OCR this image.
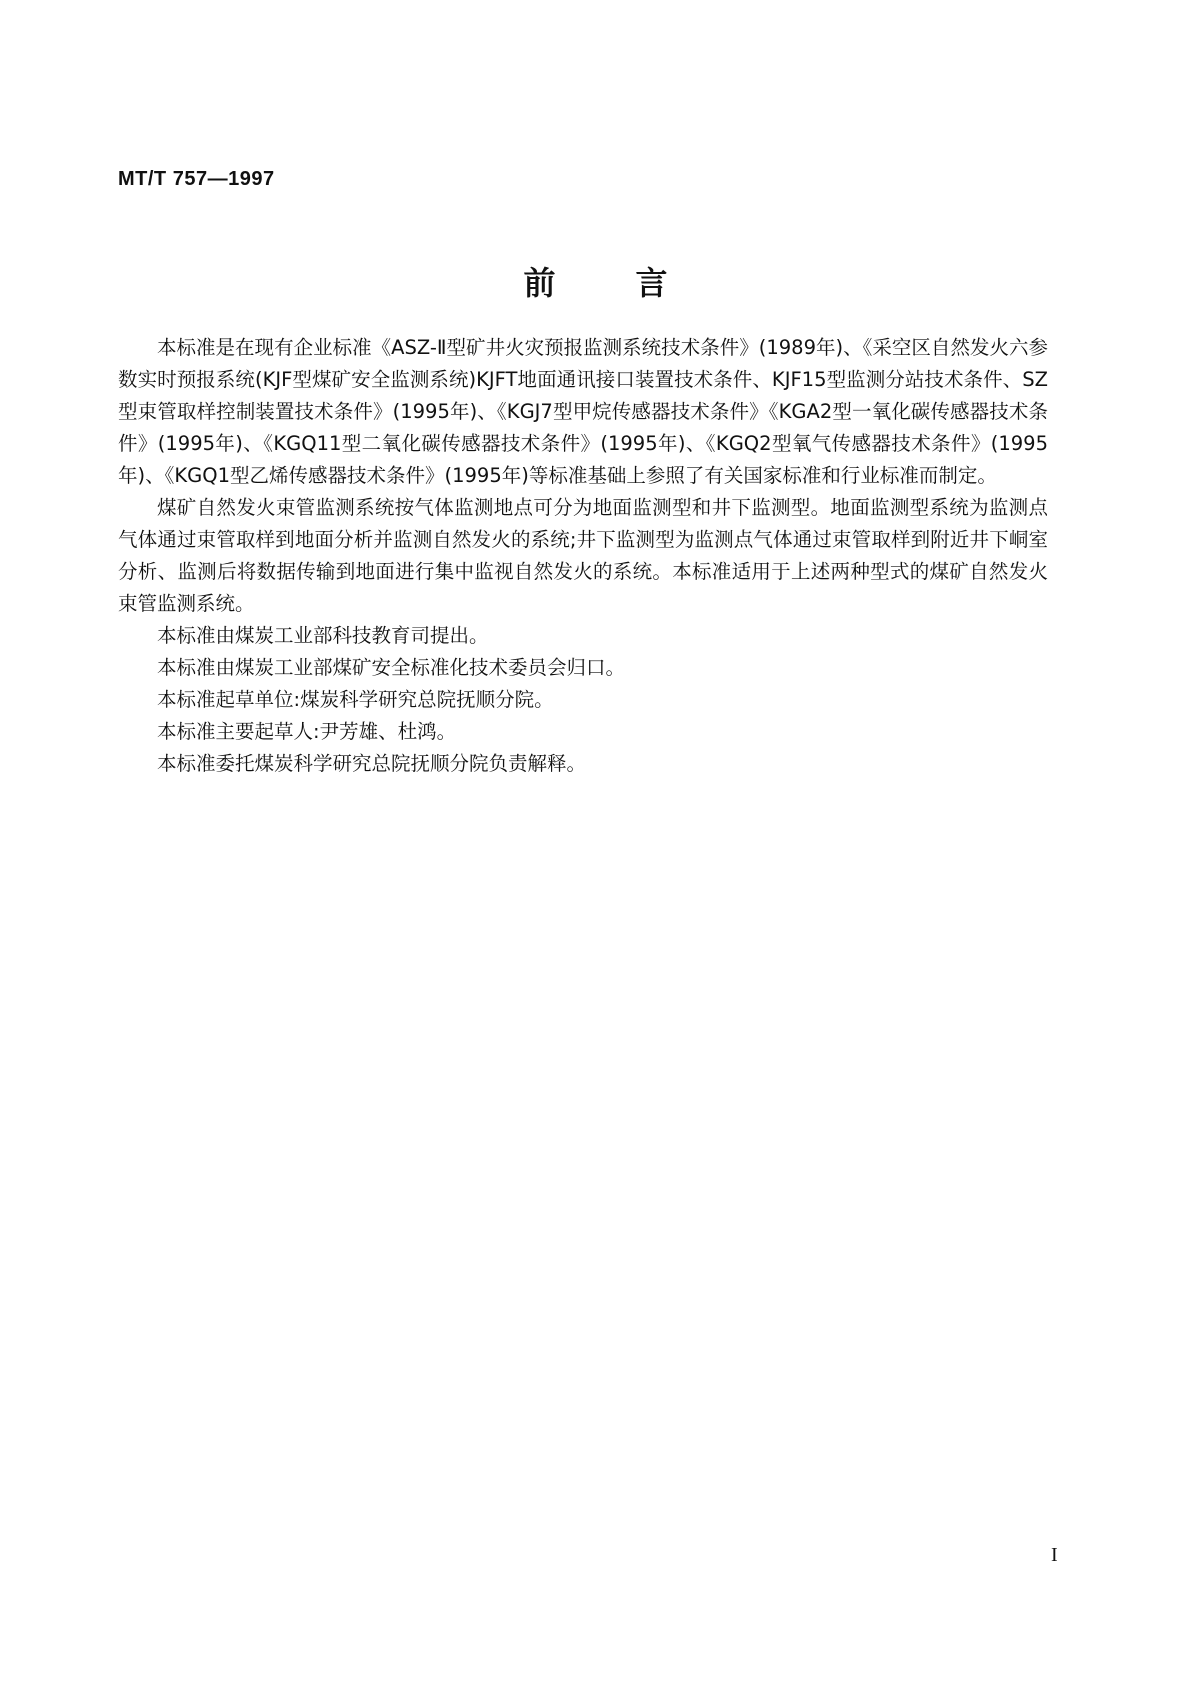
MT/T 757—1997

前言

本标准是在现有企业标准《ASZ-Ⅱ型矿井火灾预报监测系统技术条件》(1989年)、《采空区自然发火六参数实时预报系统(KJF型煤矿安全监测系统)KJFT地面通讯接口装置技术条件、KJF15型监测分站技术条件、SZ型束管取样控制装置技术条件》(1995年)、《KGJ7型甲烷传感器技术条件》《KGA2型一氧化碳传感器技术条件》(1995年)、《KGQ11型二氧化碳传感器技术条件》(1995年)、《KGQ2型氧气传感器技术条件》(1995年)、《KGQ1型乙烯传感器技术条件》(1995年)等标准基础上参照了有关国家标准和行业标准而制定。

煤矿自然发火束管监测系统按气体监测地点可分为地面监测型和井下监测型。地面监测型系统为监测点气体通过束管取样到地面分析并监测自然发火的系统;井下监测型为监测点气体通过束管取样到附近井下峒室分析、监测后将数据传输到地面进行集中监视自然发火的系统。本标准适用于上述两种型式的煤矿自然发火束管监测系统。

本标准由煤炭工业部科技教育司提出。

本标准由煤炭工业部煤矿安全标准化技术委员会归口。

本标准起草单位:煤炭科学研究总院抚顺分院。

本标准主要起草人:尹芳雄、杜鸿。

本标准委托煤炭科学研究总院抚顺分院负责解释。

I
